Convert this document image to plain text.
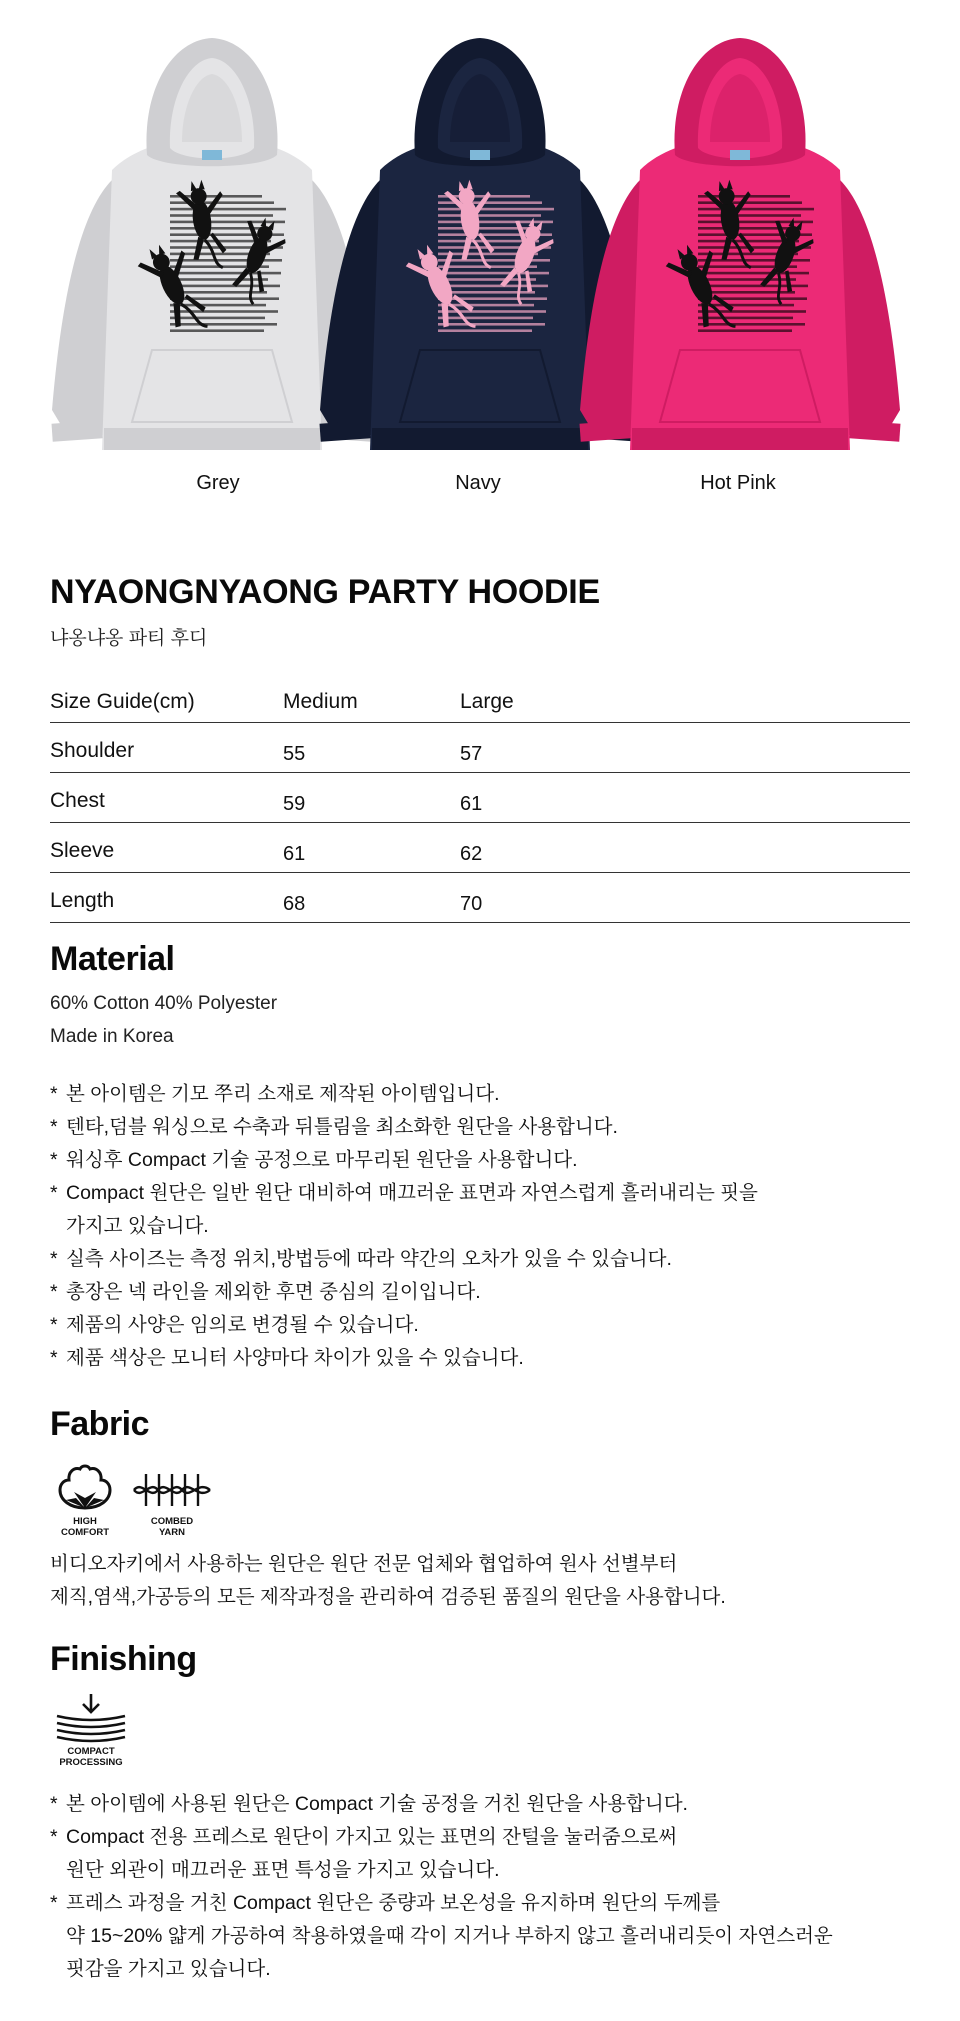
Grey	Navy	Hot Pink
NYAONGNYAONG PARTY HOODIE
냐옹냐옹 파티 후디
Size Guide(cm)	Medium	Large
Shoulder	55	57
Chest	59	61
Sleeve	61	62
Length	68	70
Material
60% Cotton 40% Polyester
Made in Korea
* 본 아이템은 기모 쭈리 소재로 제작된 아이템입니다.
* 텐타,덤블 워싱으로 수축과 뒤틀림을 최소화한 원단을 사용합니다.
* 워싱후 Compact 기술 공정으로 마무리된 원단을 사용합니다.
* Compact 원단은 일반 원단 대비하여 매끄러운 표면과 자연스럽게 흘러내리는 핏을
가지고 있습니다.
* 실측 사이즈는 측정 위치,방법등에 따라 약간의 오차가 있을 수 있습니다.
* 총장은 넥 라인을 제외한 후면 중심의 길이입니다.
* 제품의 사양은 임의로 변경될 수 있습니다.
* 제품 색상은 모니터 사양마다 차이가 있을 수 있습니다.
Fabric
HIGH
COMFORT
COMBED
YARN
비디오자키에서 사용하는 원단은 원단 전문 업체와 협업하여 원사 선별부터
제직,염색,가공등의 모든 제작과정을 관리하여 검증된 품질의 원단을 사용합니다.
Finishing
COMPACT
PROCESSING
* 본 아이템에 사용된 원단은 Compact 기술 공정을 거친 원단을 사용합니다.
* Compact 전용 프레스로 원단이 가지고 있는 표면의 잔털을 눌러줌으로써
원단 외관이 매끄러운 표면 특성을 가지고 있습니다.
* 프레스 과정을 거친 Compact 원단은 중량과 보온성을 유지하며 원단의 두께를
약 15~20% 얇게 가공하여 착용하였을때 각이 지거나 부하지 않고 흘러내리듯이 자연스러운
핏감을 가지고 있습니다.
